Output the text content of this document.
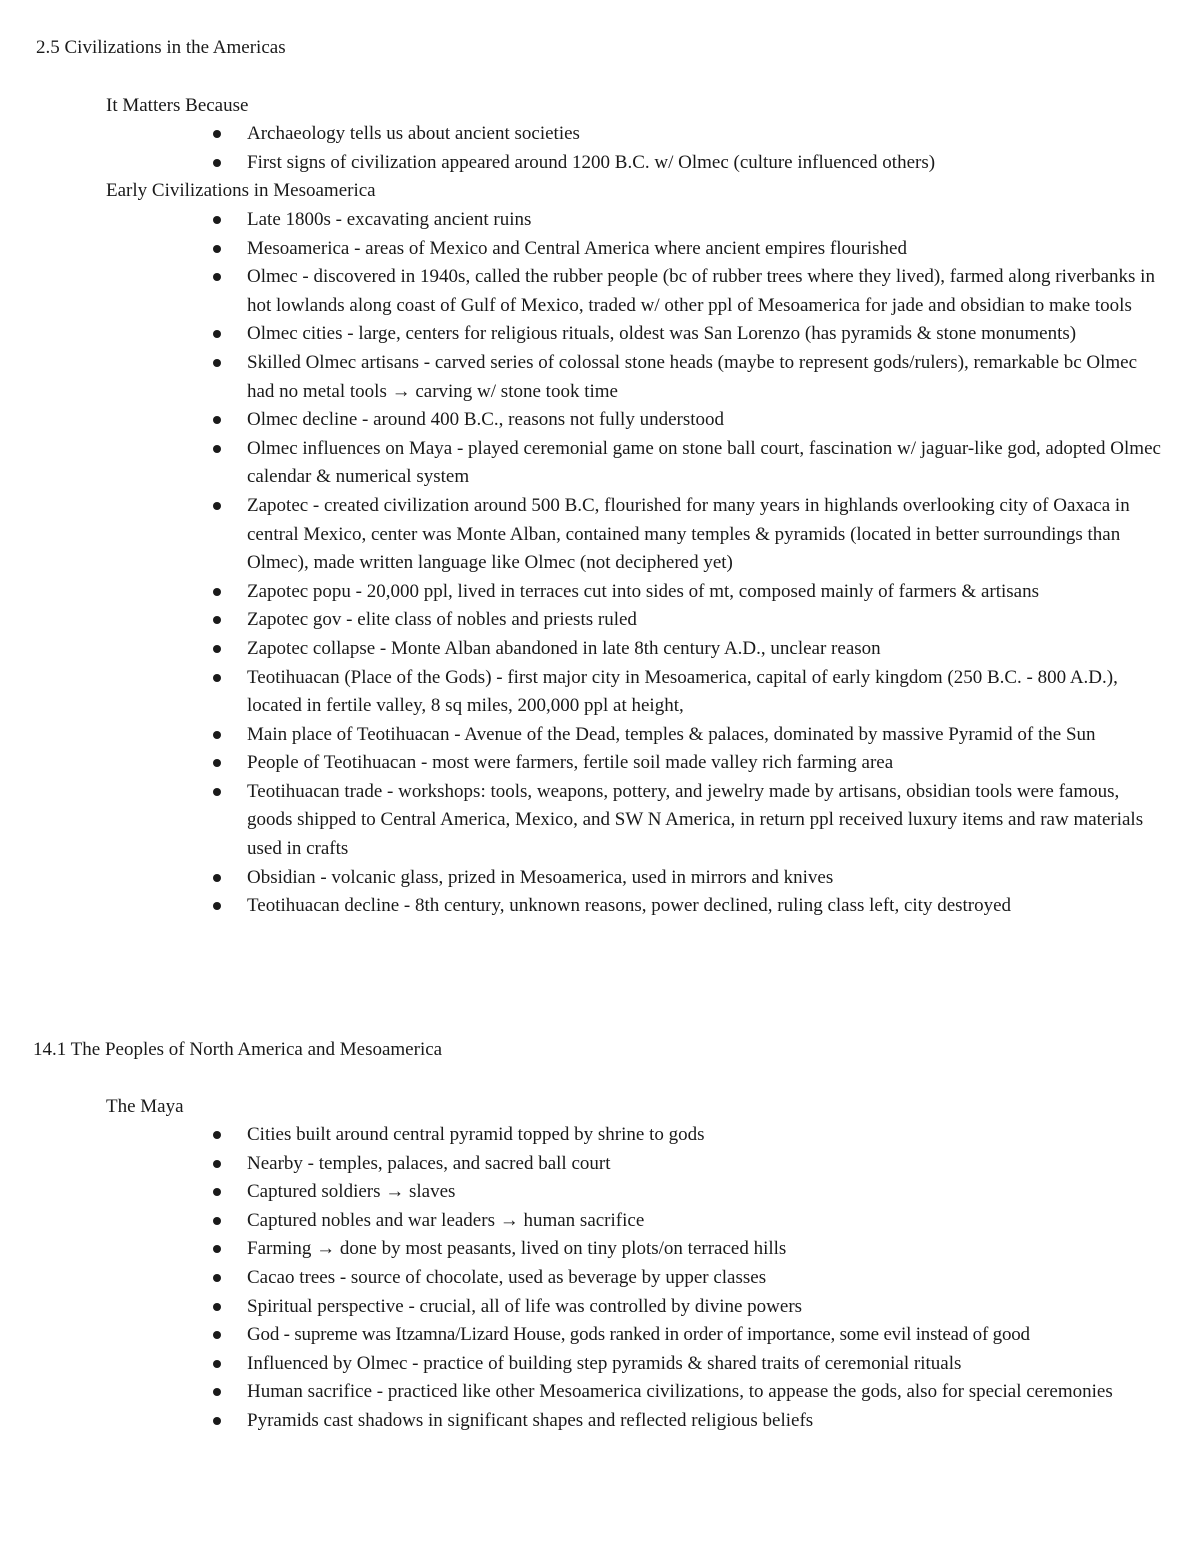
2.5 Civilizations in the Americas
It Matters Because
Archaeology tells us about ancient societies
First signs of civilization appeared around 1200 B.C. w/ Olmec (culture influenced others)
Early Civilizations in Mesoamerica
Late 1800s - excavating ancient ruins
Mesoamerica - areas of Mexico and Central America where ancient empires flourished
Olmec - discovered in 1940s, called the rubber people (bc of rubber trees where they lived), farmed along riverbanks in hot lowlands along coast of Gulf of Mexico, traded w/ other ppl of Mesoamerica for jade and obsidian to make tools
Olmec cities - large, centers for religious rituals, oldest was San Lorenzo (has pyramids & stone monuments)
Skilled Olmec artisans - carved series of colossal stone heads (maybe to represent gods/rulers), remarkable bc Olmec had no metal tools → carving w/ stone took time
Olmec decline - around 400 B.C., reasons not fully understood
Olmec influences on Maya - played ceremonial game on stone ball court, fascination w/ jaguar-like god, adopted Olmec calendar & numerical system
Zapotec - created civilization around 500 B.C, flourished for many years in highlands overlooking city of Oaxaca in central Mexico, center was Monte Alban, contained many temples & pyramids (located in better surroundings than Olmec), made written language like Olmec (not deciphered yet)
Zapotec popu - 20,000 ppl, lived in terraces cut into sides of mt, composed mainly of farmers & artisans
Zapotec gov - elite class of nobles and priests ruled
Zapotec collapse - Monte Alban abandoned in late 8th century A.D., unclear reason
Teotihuacan (Place of the Gods) - first major city in Mesoamerica, capital of early kingdom (250 B.C. - 800 A.D.), located in fertile valley, 8 sq miles, 200,000 ppl at height,
Main place of Teotihuacan - Avenue of the Dead, temples & palaces, dominated by massive Pyramid of the Sun
People of Teotihuacan - most were farmers, fertile soil made valley rich farming area
Teotihuacan trade - workshops: tools, weapons, pottery, and jewelry made by artisans, obsidian tools were famous, goods shipped to Central America, Mexico, and SW N America, in return ppl received luxury items and raw materials used in crafts
Obsidian - volcanic glass, prized in Mesoamerica, used in mirrors and knives
Teotihuacan decline - 8th century, unknown reasons, power declined, ruling class left, city destroyed
14.1 The Peoples of North America and Mesoamerica
The Maya
Cities built around central pyramid topped by shrine to gods
Nearby - temples, palaces, and sacred ball court
Captured soldiers → slaves
Captured nobles and war leaders → human sacrifice
Farming → done by most peasants, lived on tiny plots/on terraced hills
Cacao trees - source of chocolate, used as beverage by upper classes
Spiritual perspective - crucial, all of life was controlled by divine powers
God - supreme was Itzamna/Lizard House, gods ranked in order of importance, some evil instead of good
Influenced by Olmec - practice of building step pyramids & shared traits of ceremonial rituals
Human sacrifice - practiced like other Mesoamerica civilizations, to appease the gods, also for special ceremonies
Pyramids cast shadows in significant shapes and reflected religious beliefs
